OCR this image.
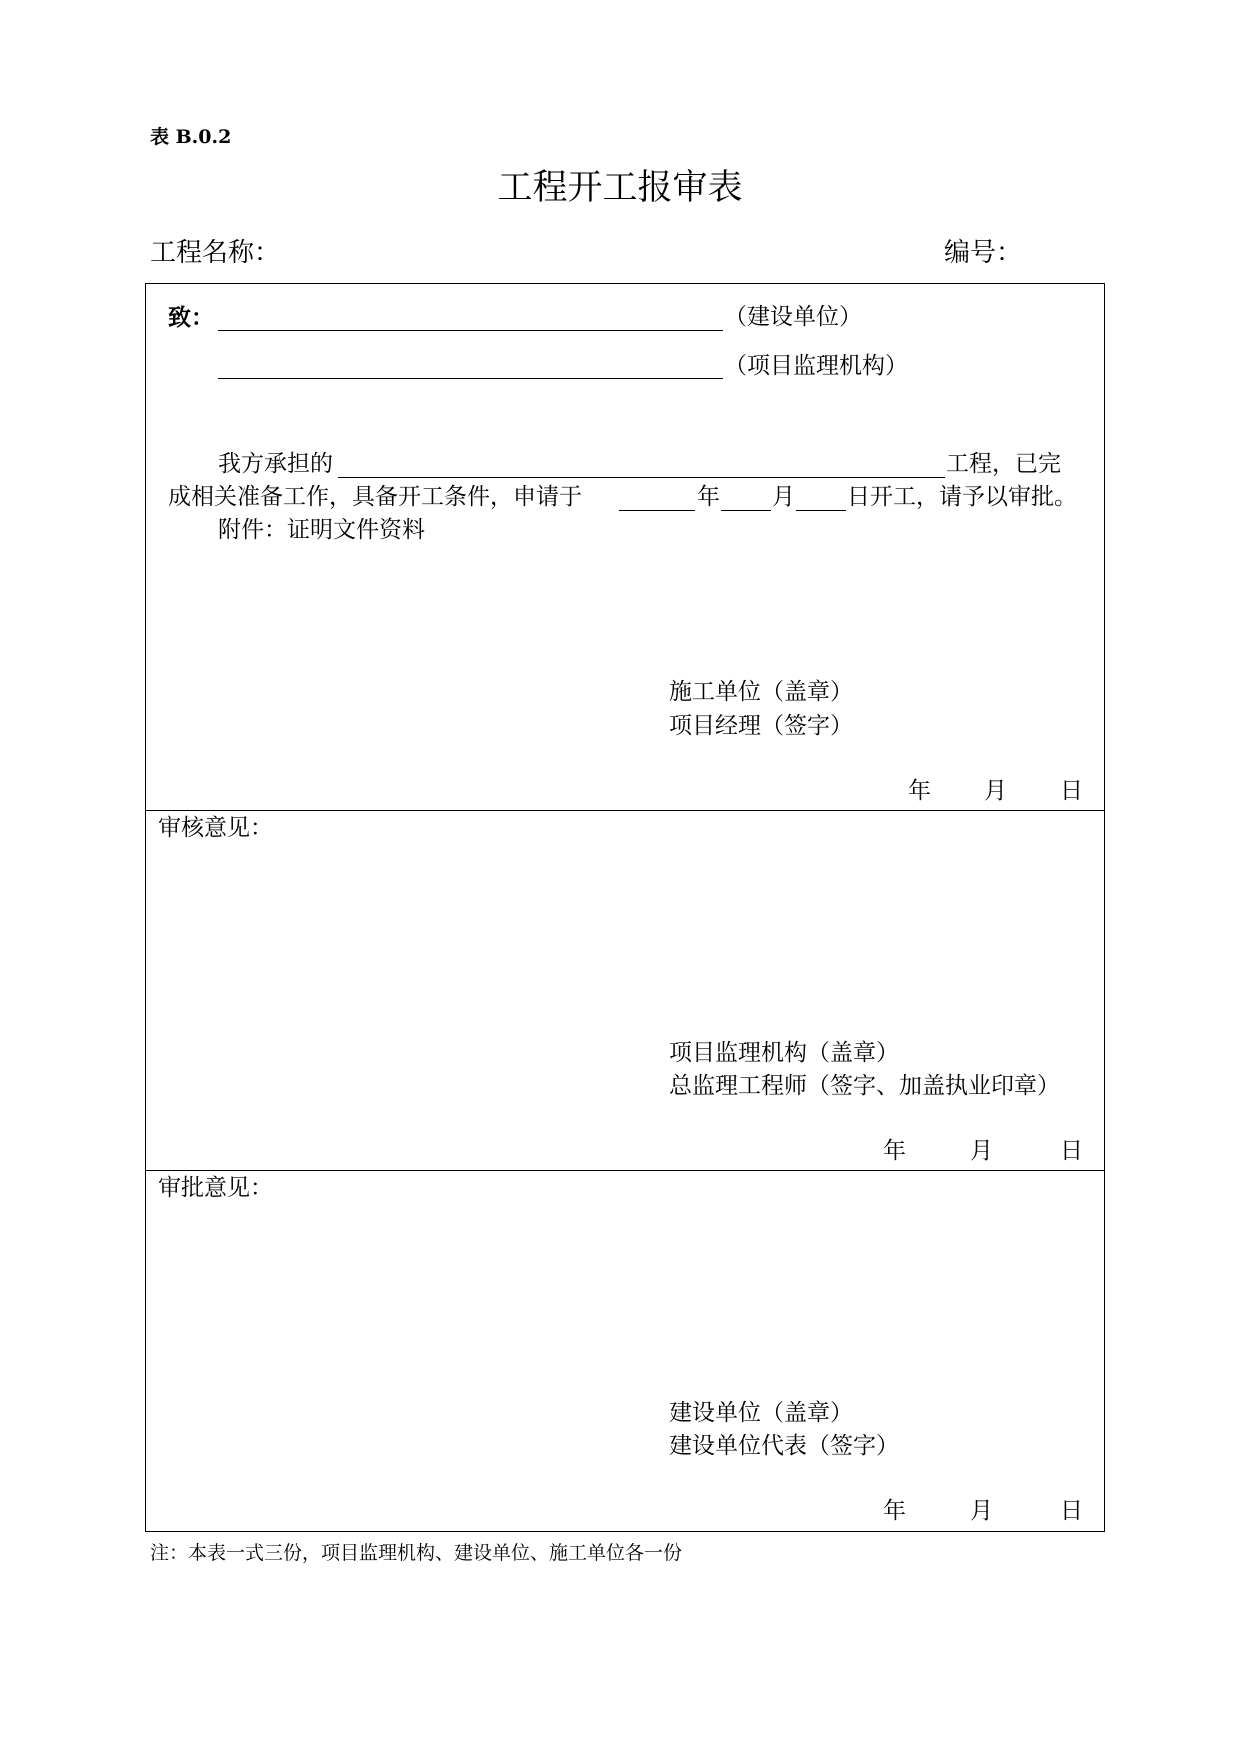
表 B.0.2
工程开工报审表
工程名称：	编号：
致：	（建设单位）
（项目监理机构）
我方承担的	工程，已完
成相关准备工作，具备开工条件，申请于	年 月 日开工，请予以审批。
附件：证明文件资料
施工单位（盖章）
项目经理（签字）
年 月 日
审核意见：
项目监理机构（盖章）
总监理工程师（签字、加盖执业印章）
年	月	日
审批意见：
建设单位（盖章）
建设单位代表（签字）
年	月	日
注：本表一式三份，项目监理机构、建设单位、施工单位各一份
